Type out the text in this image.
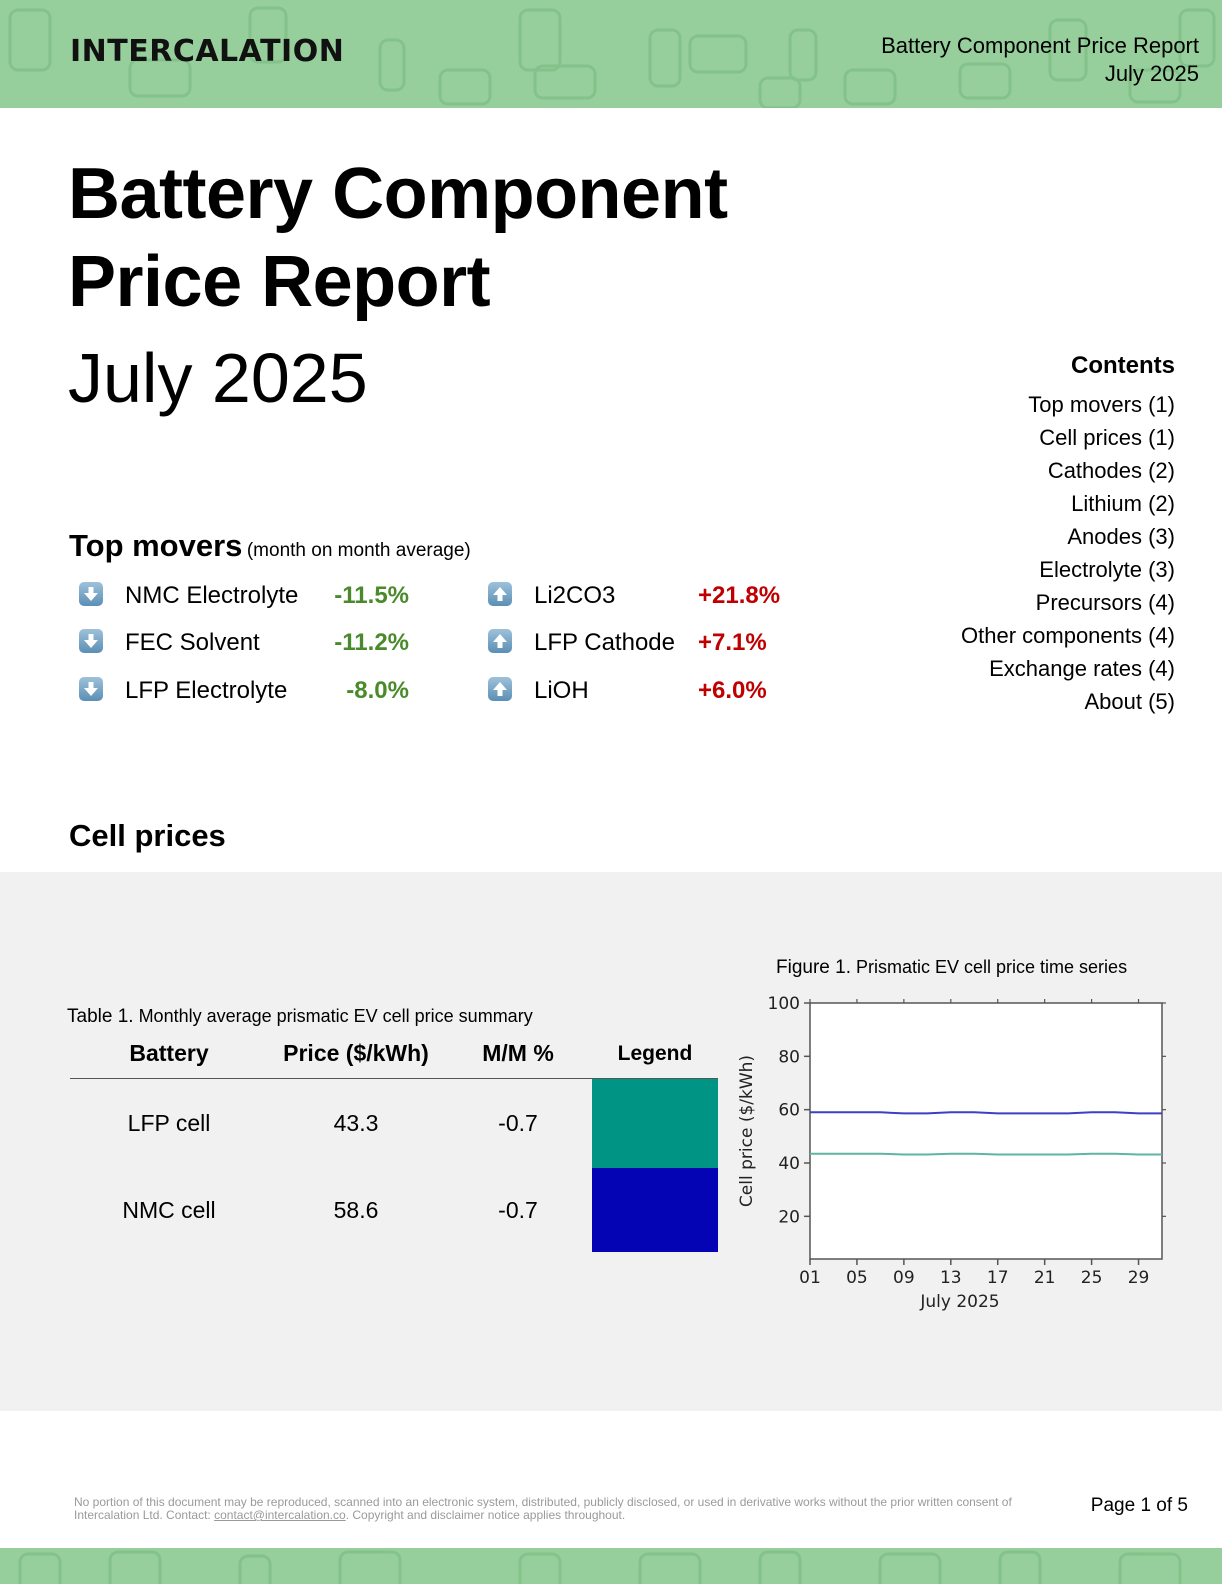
INTERCALATION	Battery Component Price Report
July 2025
Battery Component
Price Report
July 2025	Contents
Top movers (1)
Cell prices (1)
Cathodes (2)
Lithium (2)
Anodes (3)
Electrolyte (3)
Precursors (4)
Other components (4)
Exchange rates (4)
About (5)
Top movers (month on month average)
NMC Electrolyte	-11.5%
FEC Solvent	-11.2%
LFP Electrolyte	-8.0%
Li2CO3	+21.8%
LFP Cathode +7.1%
LiOH	+6.0%
Cell prices
Table 1. Monthly average prismatic EV cell price summary
Battery	Price ($/kWh)	M/M %	Legend
LFP cell	43.3	-0.7	
NMC cell	58.6	-0.7	
Figure 1. Prismatic EV cell price time series
20
40
60
80
100
01 05 09 13 17 21 25 29
July 2025
Cell price ($/kWh)
No portion of this document may be reproduced, scanned into an electronic system, distributed, publicly disclosed, or used in derivative works without the prior written consent of Intercalation Ltd. Contact: contact@intercalation.co. Copyright and disclaimer notice applies throughout.	Page 1 of 5
